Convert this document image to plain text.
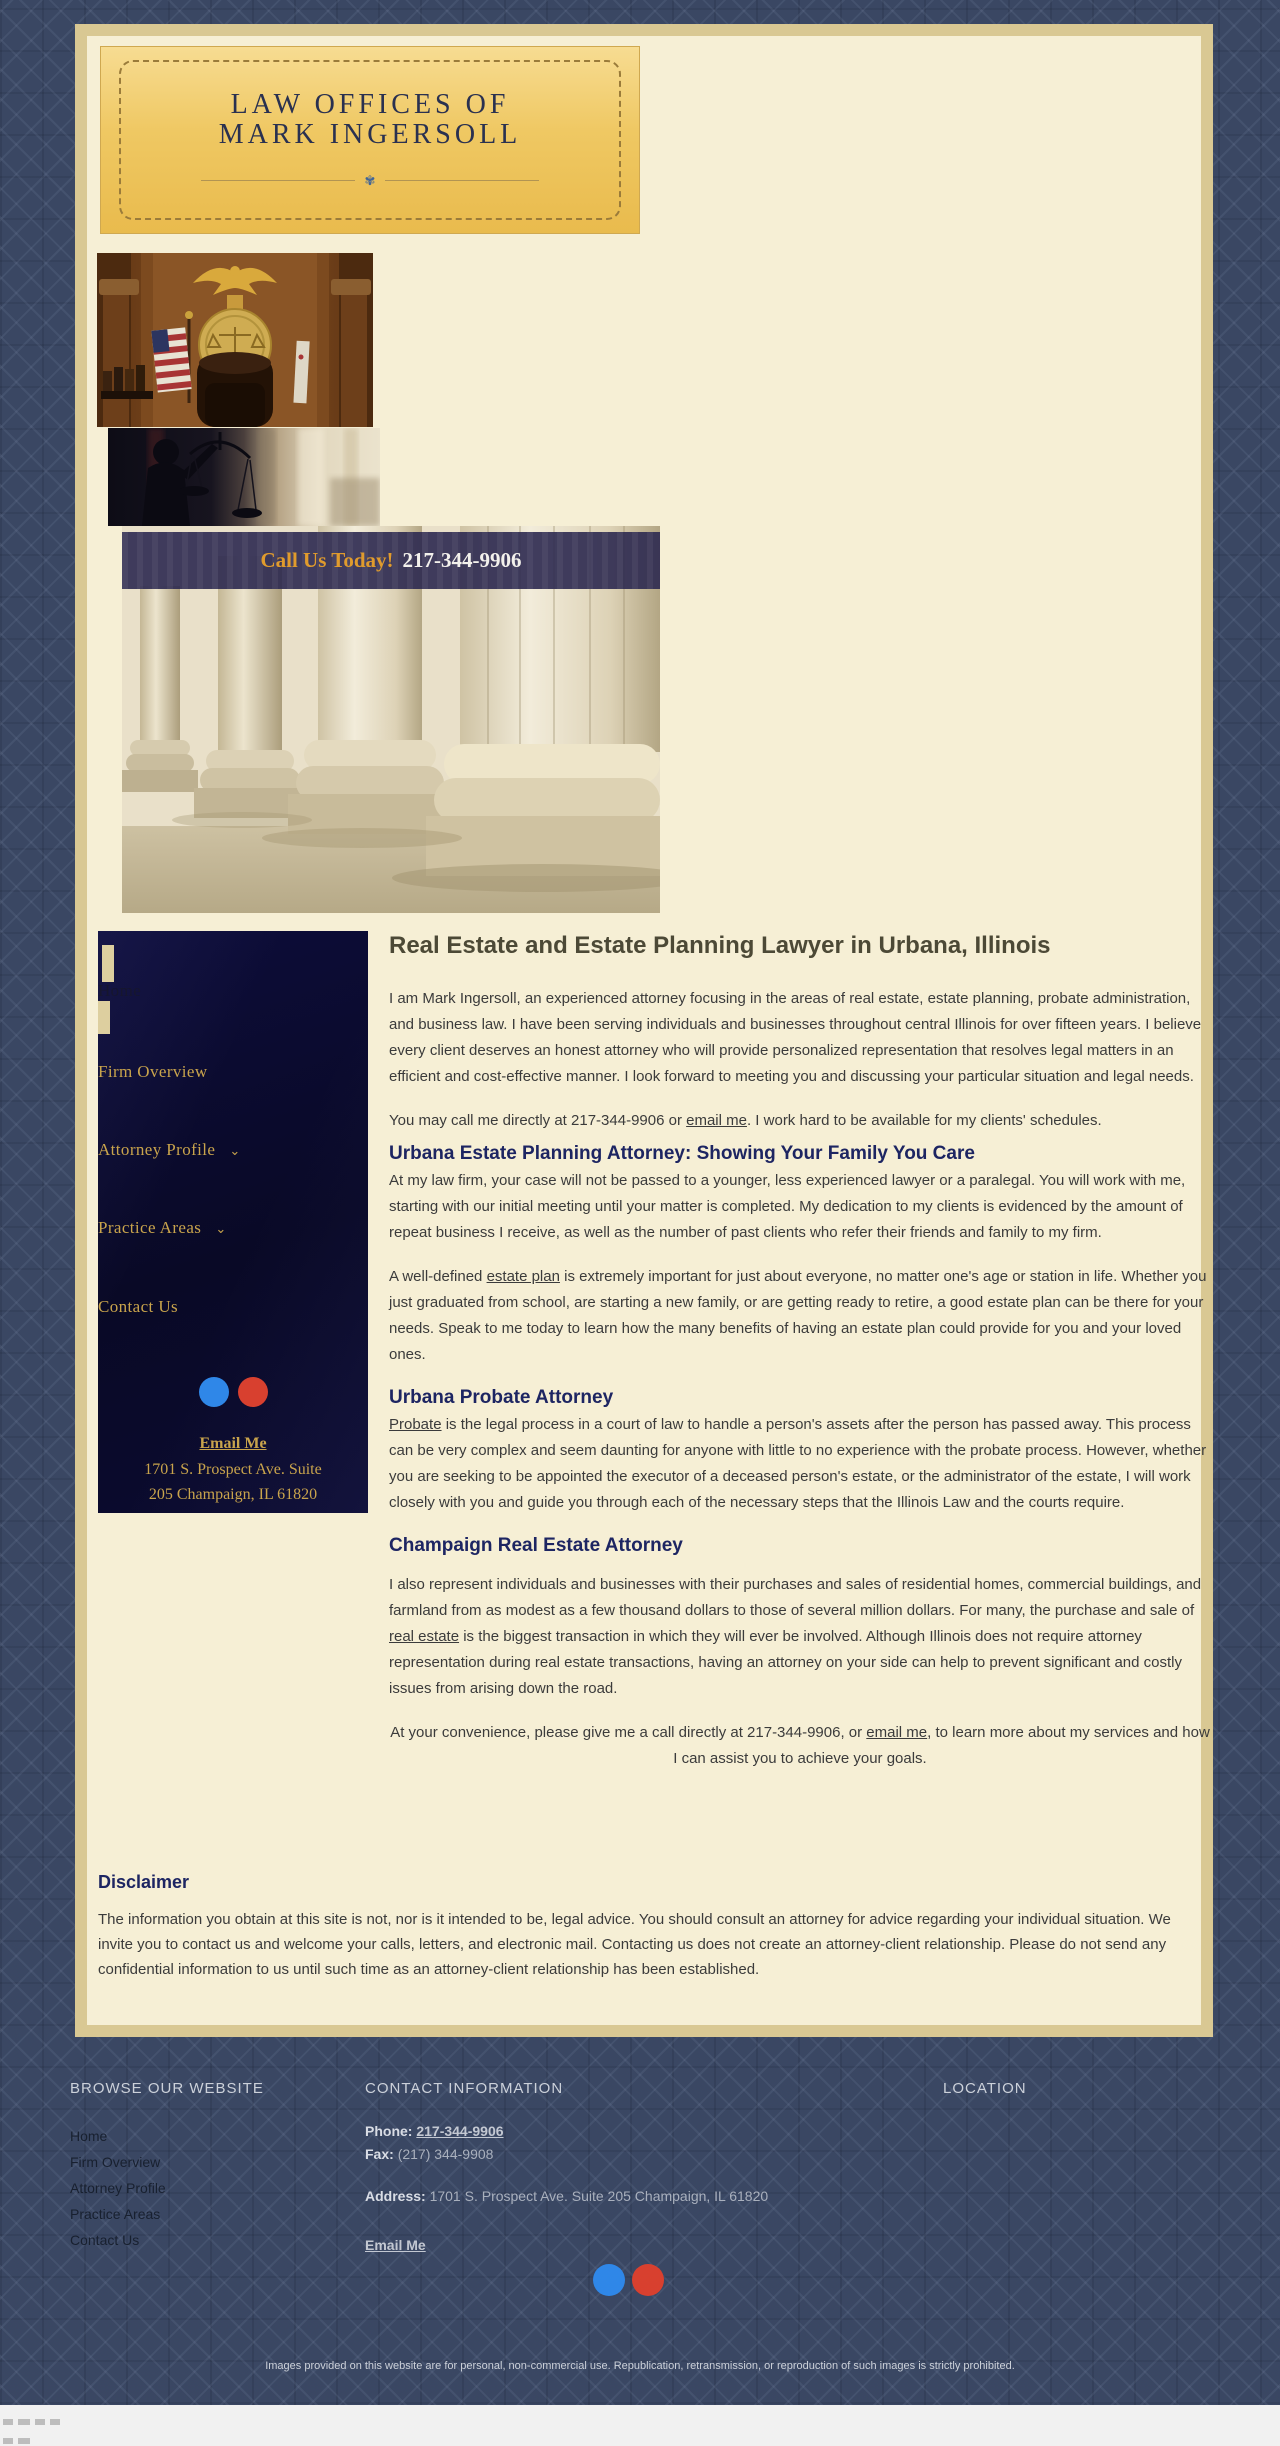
LAW OFFICES OF
MARK INGERSOLL
✾
Call Us Today! 217-344-9906
Home
Firm Overview
Attorney Profile ⌄
Practice Areas ⌄
Contact Us
Email Me
1701 S. Prospect Ave. Suite
205 Champaign, IL 61820
Real Estate and Estate Planning Lawyer in Urbana, Illinois

I am Mark Ingersoll, an experienced attorney focusing in the areas of real estate, estate planning, probate administration, and business law. I have been serving individuals and businesses throughout central Illinois for over fifteen years. I believe every client deserves an honest attorney who will provide personalized representation that resolves legal matters in an efficient and cost-effective manner. I look forward to meeting you and discussing your particular situation and legal needs.

You may call me directly at 217-344-9906 or email me. I work hard to be available for my clients' schedules.

Urbana Estate Planning Attorney: Showing Your Family You Care

At my law firm, your case will not be passed to a younger, less experienced lawyer or a paralegal. You will work with me, starting with our initial meeting until your matter is completed. My dedication to my clients is evidenced by the amount of repeat business I receive, as well as the number of past clients who refer their friends and family to my firm.

A well-defined estate plan is extremely important for just about everyone, no matter one's age or station in life. Whether you just graduated from school, are starting a new family, or are getting ready to retire, a good estate plan can be there for your needs. Speak to me today to learn how the many benefits of having an estate plan could provide for you and your loved ones.

Urbana Probate Attorney

Probate is the legal process in a court of law to handle a person's assets after the person has passed away. This process can be very complex and seem daunting for anyone with little to no experience with the probate process. However, whether you are seeking to be appointed the executor of a deceased person's estate, or the administrator of the estate, I will work closely with you and guide you through each of the necessary steps that the Illinois Law and the courts require.

Champaign Real Estate Attorney

I also represent individuals and businesses with their purchases and sales of residential homes, commercial buildings, and farmland from as modest as a few thousand dollars to those of several million dollars. For many, the purchase and sale of real estate is the biggest transaction in which they will ever be involved. Although Illinois does not require attorney representation during real estate transactions, having an attorney on your side can help to prevent significant and costly issues from arising down the road.

At your convenience, please give me a call directly at 217-344-9906, or email me, to learn more about my services and how I can assist you to achieve your goals.

Disclaimer

The information you obtain at this site is not, nor is it intended to be, legal advice. You should consult an attorney for advice regarding your individual situation. We invite you to contact us and welcome your calls, letters, and electronic mail. Contacting us does not create an attorney-client relationship. Please do not send any confidential information to us until such time as an attorney-client relationship has been established.

BROWSE OUR WEBSITE
Home
Firm Overview
Attorney Profile
Practice Areas
Contact Us
CONTACT INFORMATION
Phone: 217-344-9906
Fax: (217) 344-9908
Address: 1701 S. Prospect Ave. Suite 205 Champaign, IL 61820
Email Me
LOCATION
Images provided on this website are for personal, non-commercial use. Republication, retransmission, or reproduction of such images is strictly prohibited.
